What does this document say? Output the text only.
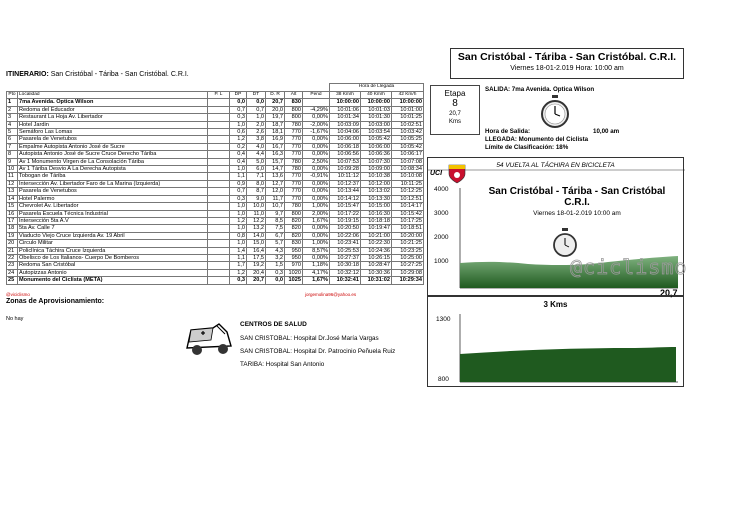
San Cristóbal - Táriba - San Cristóbal. C.R.I.
Viernes 18-01-2.019 Hora: 10:00 am
ITINERARIO: San Cristóbal - Táriba - San Cristóbal. C.R.I.
								Hora de Llegada		
Pto	Localidad	P. L	DP	DT	D. R	Alt	Pend	38 Km/h	40 Km/h	42 Km/h
1	7ma Avenida. Optica Wilson		0,0	0,0	20,7	830		10:00:00	10:00:00	10:00:00
2	Redoma del Educador		0,7	0,7	20,0	800	-4,29%	10:01:06	10:01:03	10:01:00
3	Restaurant La Hoja Av. Libertador		0,3	1,0	19,7	800	0,00%	10:01:34	10:01:30	10:01:25
4	Hotel Jardin		1,0	2,0	18,7	780	-2,00%	10:03:09	10:03:00	10:02:51
5	Semáforo Las Lomas		0,6	2,6	18,1	770	-1,67%	10:04:06	10:03:54	10:03:42
6	Pasarela de Venetubos		1,2	3,8	16,9	770	0,00%	10:06:00	10:05:42	10:05:25
7	Empalme Autopista Antonio José de Sucre		0,2	4,0	16,7	770	0,00%	10:06:18	10:06:00	10:05:42
8	Autopista Antonio José de Sucre Cruce Derecho Táriba		0,4	4,4	16,3	770	0,00%	10:06:56	10:06:36	10:06:17
9	Av 1 Monumento Virgen de La Consolación Táriba		0,4	5,0	15,7	780	2,50%	10:07:53	10:07:30	10:07:08
10	Av 1 Táriba Desvio A La Derecha Autopista		1,0	6,0	14,7	780	0,00%	10:09:28	10:09:00	10:08:34
11	Tobogan de Táriba		1,1	7,1	13,6	770	-0,91%	10:11:12	10:10:38	10:10:08
12	Intersección Av. Libertador Faro de La Marina (Izquierda)		0,9	8,0	12,7	770	0,00%	10:12:37	10:12:00	10:11:25
13	Pasarela de Venetubos		0,7	8,7	12,0	770	0,00%	10:13:44	10:13:02	10:12:25
14	Hotel Palermo		0,3	9,0	11,7	770	0,00%	10:14:12	10:13:30	10:12:51
15	Chevrolet Av. Libertador		1,0	10,0	10,7	780	1,00%	10:15:47	10:15:00	10:14:17
16	Pasarela Escuela Técnica Industrial		1,0	11,0	9,7	800	2,00%	10:17:22	10:16:30	10:15:42
17	Intersección 5ta A.V		1,2	12,2	8,5	820	1,67%	10:19:15	10:18:18	10:17:25
18	5ta Av. Calle 7		1,0	13,2	7,5	820	0,00%	10:20:50	10:19:47	10:18:51
19	Viaducto Viejo Cruce Izquierda Av. 19 Abril		0,8	14,0	6,7	820	0,00%	10:22:06	10:21:00	10:20:00
20	Circulo Militar		1,0	15,0	5,7	830	1,00%	10:23:41	10:22:30	10:21:25
21	Policlínica Táchira Cruce Izquierda		1,4	16,4	4,3	950	8,57%	10:25:53	10:24:36	10:23:25
22	Obelisco de Los Italianos- Cuerpo De Bomberos		1,1	17,5	3,2	950	0,00%	10:27:37	10:26:15	10:25:00
23	Redoma San Cristóbal		1,7	19,2	1,5	970	1,18%	10:30:18	10:28:47	10:27:25
24	Autopizzas Antonio		1,2	20,4	0,3	1020	4,17%	10:32:12	10:30:36	10:29:08
25	Monumento del Ciclista (META)		0,3	20,7	0,0	1025	1,67%	10:32:41	10:31:02	10:29:34
@viciclismo	jorgemolina96@yahoo.es
Etapa
8
20,7
Kms
SALIDA: 7ma Avenida. Optica Wilson
Hora de Salida:	10,00 am
LLEGADA: Monumento del Ciclista
Límite de Clasificación: 18%
54 VUELTA AL TÁCHIRA EN BICICLETA
San Cristóbal - Táriba - San Cristóbal
C.R.I.
Viernes 18-01-2.019 10:00 am
UCI
4000
3000
2000
1000
20,7
@ciclismo
3 Kms
1300
800
Zonas de Aprovisionamiento:
No hay
CENTROS DE SALUD
SAN CRISTOBAL: Hospital Dr.José María Vargas
SAN CRISTOBAL: Hospital Dr. Patrocinio Peñuela Ruiz
TARIBA: Hospital San Antonio
